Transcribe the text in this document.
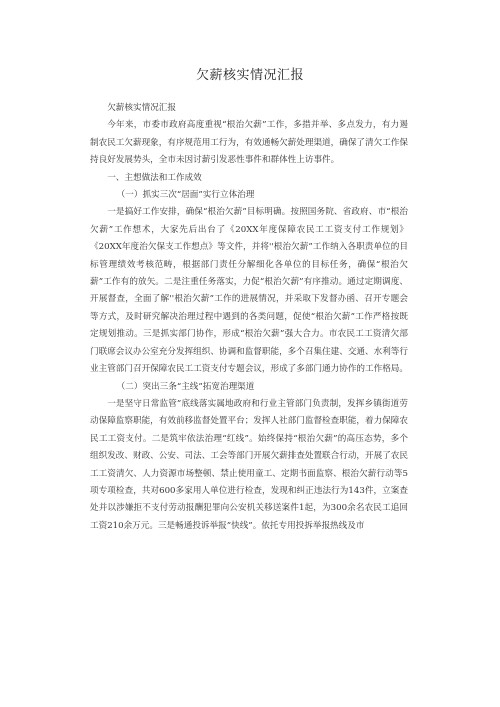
欠薪核实情况汇报

欠薪核实情况汇报

今年来，市委市政府高度重视“根治欠薪”工作，多措并举、多点发力，有力遏制农民工欠薪现象，有序规范用工行为，有效通畅欠薪处理渠道，确保了清欠工作保持良好发展势头，全市未因讨薪引发恶性事件和群体性上访事件。

一、主想做法和工作成效

（一）抓实三次“居面”实行立体治理

一是搞好工作安排，确保“根治欠薪”目标明确。按照国务院、省政府、市“根治欠薪”工作想术，大家先后出台了《20XX年度保障农民工工资支付工作规划》《20XX年度治欠保支工作想点》等文件，并将''根治欠薪”工作纳入各职责单位的目标管理绩效考核范畴，根据部门责任分解细化各单位的目标任务，确保“根治欠薪”工作有的放矢。二是注重任务落实，力促“根治欠薪”有序推动。通过定期调度、开展督查，全面了解''根治欠薪”工作的进展情况，并采取下发督办函、召开专题会等方式，及时研究解决治理过程中遇到的各类问题，促使“根治欠薪”工作严格按既定规划推动。三是抓实部门协作，形成“根治欠薪”强大合力。市农民工工资清欠部门联席会议办公室充分发挥组织、协调和监督职能，多个召集住建、交通、水利等行业主管部门召开保障农民工工资支付专题会议，形成了多部门通力协作的工作格局。

（二）突出三条“主线”拓宽治理渠道

一是坚守日常监管”底线落实属地政府和行业主管部门负责制，发挥乡镇街道劳动保障监察职能，有效前移监督处置平台；发挥人社部门监督检查职能，着力保障农民工工资支付。二是筑牢依法治理“红线”。始终保持“根治欠薪”的高压态势，多个组织发改、财政、公安、司法、工会等部门开展欠薪排查处置联合行动，开展了农民工工资清欠、人力资源市场整顿、禁止使用童工、定期书面监察、根治欠薪行动等5项专项检查，共对600多家用人单位进行检查，发现和纠正违法行为143件，立案查处并以涉嫌拒不支付劳动报酬犯罪向公安机关移送案件1起，为300余名农民工追回工资210余万元。三是畅通投诉举报”快线”。依托专用投拆举报热线及市
